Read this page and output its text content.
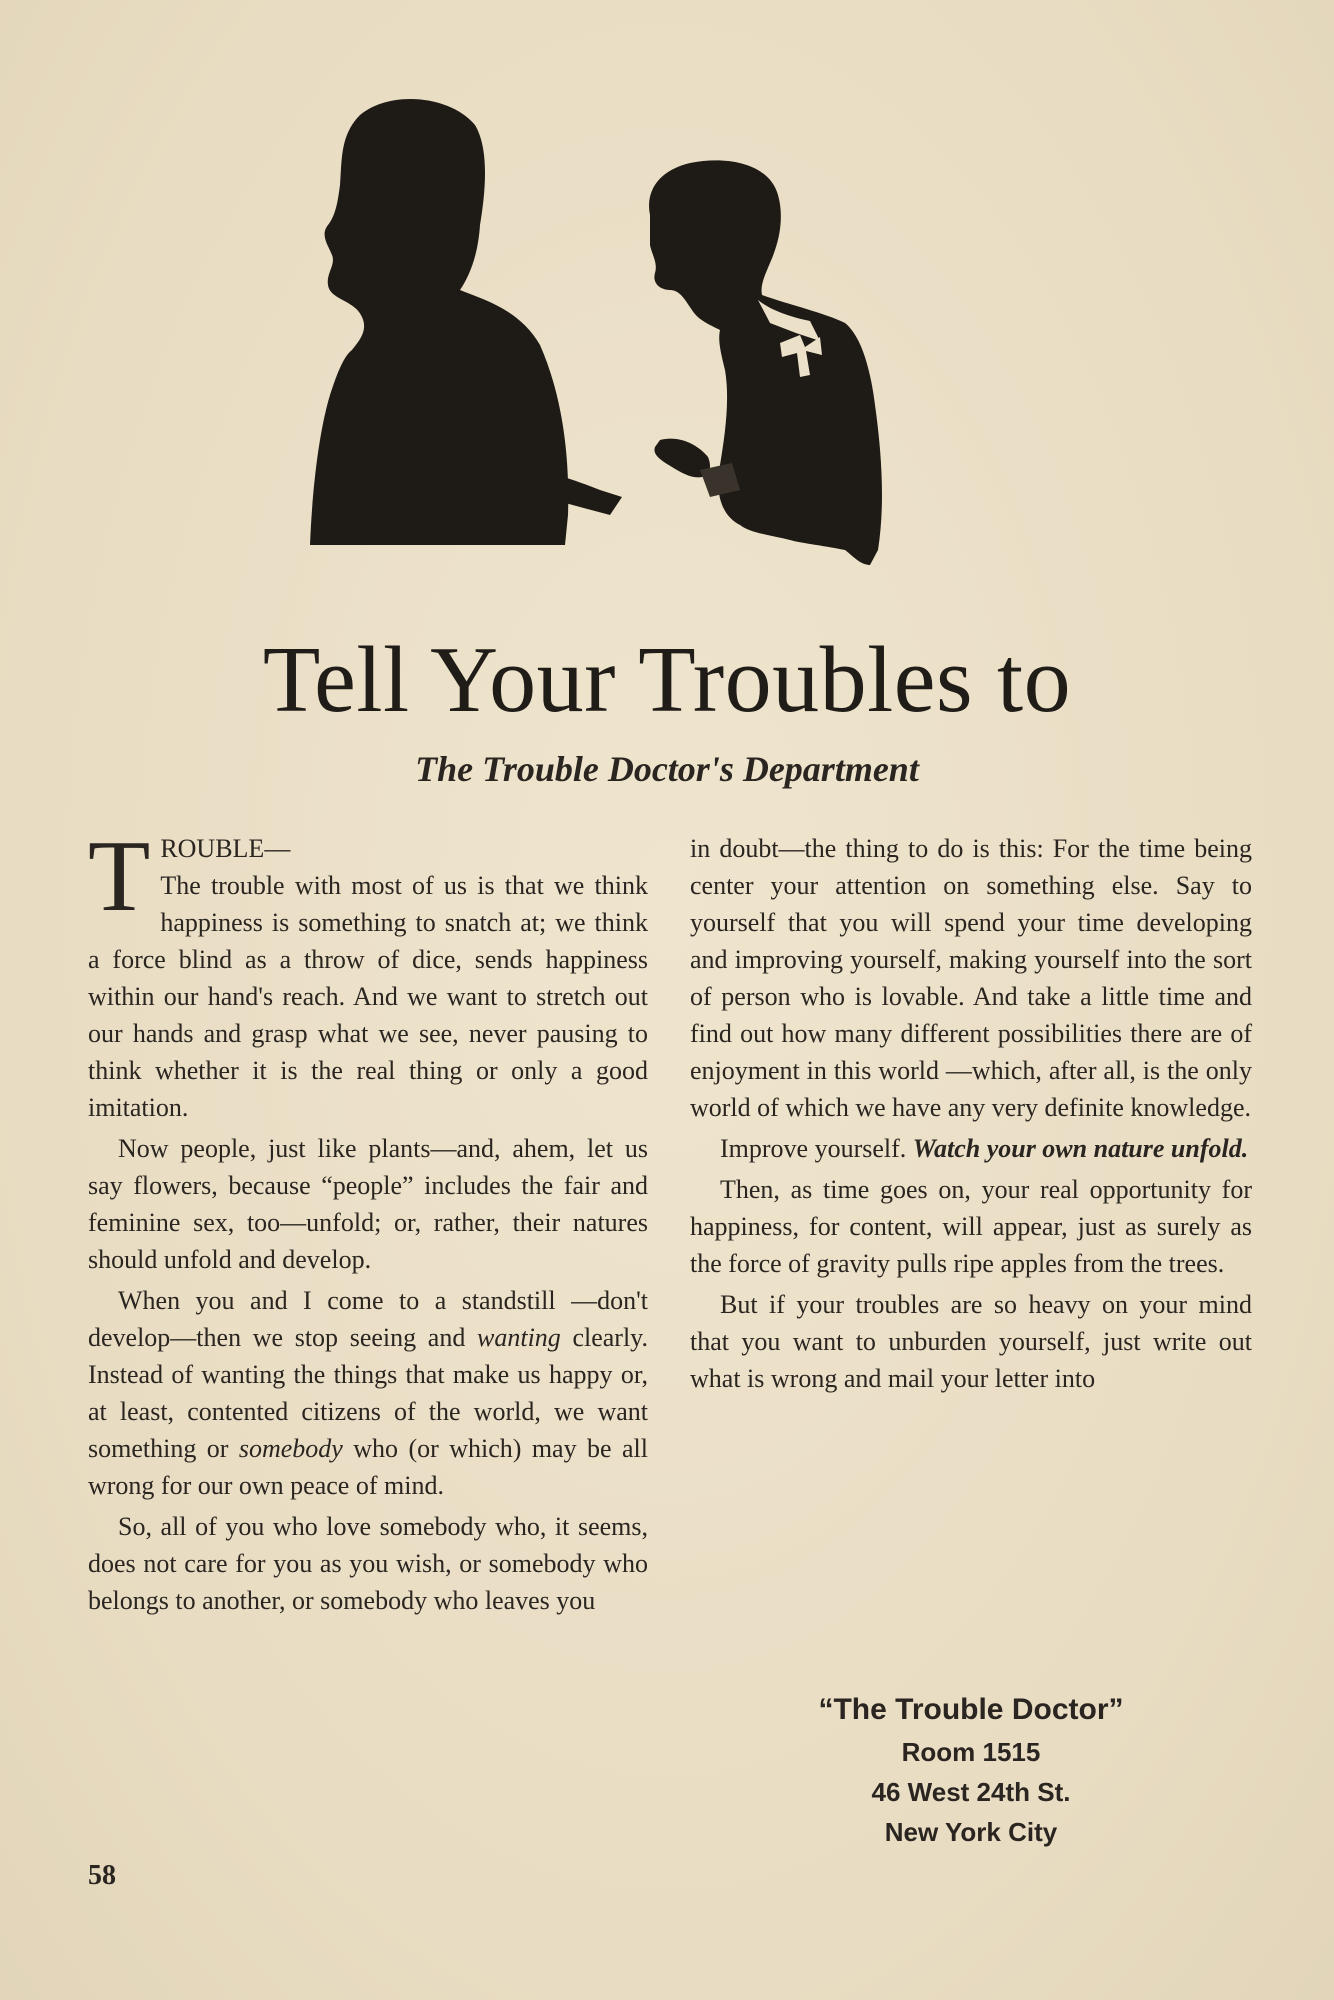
Tell Your Troubles to
The Trouble Doctor's Department

TROUBLE—
The trouble with most of us is that we think happiness is something to snatch at; we think a force blind as a throw of dice, sends happiness within our hand's reach. And we want to stretch out our hands and grasp what we see, never pausing to think whether it is the real thing or only a good imitation.

Now people, just like plants—and, ahem, let us say flowers, because “people” includes the fair and feminine sex, too—unfold; or, rather, their natures should unfold and develop.

When you and I come to a standstill —don't develop—then we stop seeing and wanting clearly. Instead of wanting the things that make us happy or, at least, contented citizens of the world, we want something or somebody who (or which) may be all wrong for our own peace of mind.

So, all of you who love somebody who, it seems, does not care for you as you wish, or somebody who belongs to another, or somebody who leaves you

in doubt—the thing to do is this: For the time being center your attention on something else. Say to yourself that you will spend your time developing and improving yourself, making yourself into the sort of person who is lovable. And take a little time and find out how many different possibilities there are of enjoyment in this world —which, after all, is the only world of which we have any very definite knowledge.

Improve yourself. Watch your own nature unfold.

Then, as time goes on, your real opportunity for happiness, for content, will appear, just as surely as the force of gravity pulls ripe apples from the trees.

But if your troubles are so heavy on your mind that you want to unburden yourself, just write out what is wrong and mail your letter into

“The Trouble Doctor”
Room 1515
46 West 24th St.
New York City
58
